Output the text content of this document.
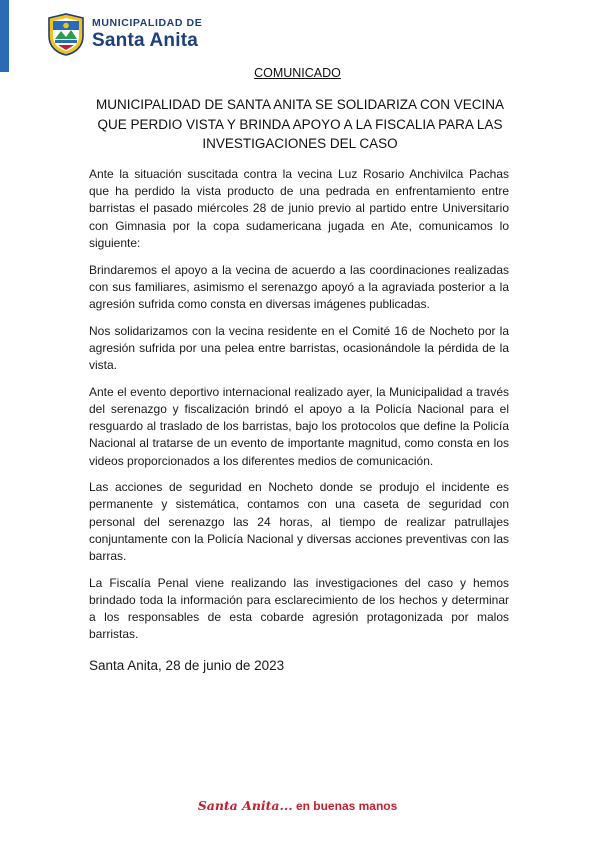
MUNICIPALIDAD DE
Santa Anita
COMUNICADO
MUNICIPALIDAD DE SANTA ANITA SE SOLIDARIZA CON VECINA QUE PERDIO VISTA Y BRINDA APOYO A LA FISCALIA PARA LAS INVESTIGACIONES DEL CASO

Ante la situación suscitada contra la vecina Luz Rosario Anchivilca Pachas que ha perdido la vista producto de una pedrada en enfrentamiento entre barristas el pasado miércoles 28 de junio previo al partido entre Universitario con Gimnasia por la copa sudamericana jugada en Ate, comunicamos lo siguiente:

Brindaremos el apoyo a la vecina de acuerdo a las coordinaciones realizadas con sus familiares, asimismo el serenazgo apoyó a la agraviada posterior a la agresión sufrida como consta en diversas imágenes publicadas.

Nos solidarizamos con la vecina residente en el Comité 16 de Nocheto por la agresión sufrida por una pelea entre barristas, ocasionándole la pérdida de la vista.

Ante el evento deportivo internacional realizado ayer, la Municipalidad a través del serenazgo y fiscalización brindó el apoyo a la Policía Nacional para el resguardo al traslado de los barristas, bajo los protocolos que define la Policía Nacional al tratarse de un evento de importante magnitud, como consta en los videos proporcionados a los diferentes medios de comunicación.

Las acciones de seguridad en Nocheto donde se produjo el incidente es permanente y sistemática, contamos con una caseta de seguridad con personal del serenazgo las 24 horas, al tiempo de realizar patrullajes conjuntamente con la Policía Nacional y diversas acciones preventivas con las barras.

La Fiscalía Penal viene realizando las investigaciones del caso y hemos brindado toda la información para esclarecimiento de los hechos y determinar a los responsables de esta cobarde agresión protagonizada por malos barristas.

Santa Anita, 28 de junio de 2023
Santa Anita... en buenas manos
